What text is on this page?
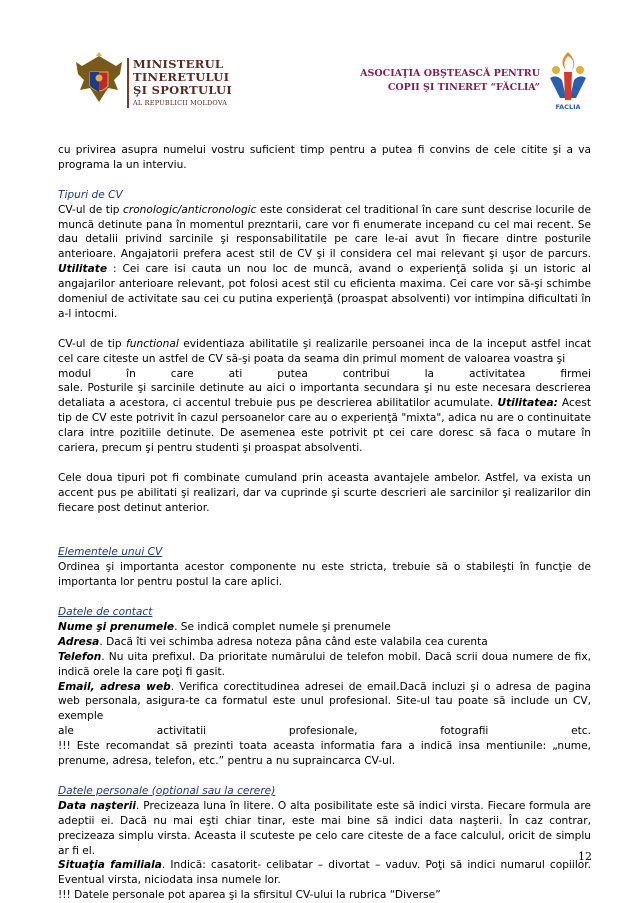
MINISTERUL
TINERETULUI
ŞI SPORTULUI
AL REPUBLICII MOLDOVA
ASOCIAŢIA OBŞTEASCĂ PENTRU
COPII ŞI TINERET “FĂCLIA”
FACLIA

cu privirea asupra numelui vostru suficient timp pentru a putea fi convins de cele citite şi a va programa la un interviu.

Tipuri de CV

CV-ul de tip cronologic/anticronologic este considerat cel traditional în care sunt descrise locurile de muncă detinute pana în momentul prezntarii, care vor fi enumerate incepand cu cel mai recent. Se dau detalii privind sarcinile şi responsabilitatile pe care le-ai avut în fiecare dintre posturile anterioare. Angajatorii prefera acest stil de CV şi il considera cel mai relevant şi uşor de parcurs. Utilitate : Cei care isi cauta un nou loc de muncă, avand o experienţă solida şi un istoric al angajarilor anterioare relevant, pot folosi acest stil cu eficienta maxima. Cei care vor să-şi schimbe domeniul de activitate sau cei cu putina experienţă (proaspat absolventi) vor intimpina dificultati în a-l intocmi.

CV-ul de tip functional evidentiaza abilitatile şi realizarile persoanei inca de la inceput astfel incat cel care citeste un astfel de CV să-şi poata da seama din primul moment de valoarea voastra şi

modul în care ati putea contribui la activitatea firmei

sale. Posturile şi sarcinile detinute au aici o importanta secundara şi nu este necesara descrierea detaliata a acestora, ci accentul trebuie pus pe descrierea abilitatilor acumulate. Utilitatea: Acest tip de CV este potrivit în cazul persoanelor care au o experienţă "mixta", adica nu are o continuitate clara intre pozitiile detinute. De asemenea este potrivit pt cei care doresc să faca o mutare în cariera, precum şi pentru studenti şi proaspat absolventi.

Cele doua tipuri pot fi combinate cumuland prin aceasta avantajele ambelor. Astfel, va exista un accent pus pe abilitati şi realizari, dar va cuprinde şi scurte descrieri ale sarcinilor şi realizarilor din fiecare post detinut anterior.

Elementele unui CV

Ordinea şi importanta acestor componente nu este stricta, trebuie să o stabileşti în funcţie de importanta lor pentru postul la care aplici.

Datele de contact

Nume şi prenumele. Se indică complet numele şi prenumele

Adresa. Dacă îti vei schimba adresa noteza pâna când este valabila cea curenta

Telefon. Nu uita prefixul. Da prioritate numărului de telefon mobil. Dacă scrii doua numere de fix, indică orele la care poţi fi gasit.

Email, adresa web. Verifica corectitudinea adresei de email.Dacă incluzi şi o adresa de pagina web personala, asigura-te ca formatul este unul profesional. Site-ul tau poate să include un CV, exemple

ale activitatii profesionale, fotografii etc.

!!! Este recomandat să prezinti toata aceasta informatia fara a indică insa mentiunile: „nume, prenume, adresa, telefon, etc.” pentru a nu supraincarca CV-ul.

Datele personale (optional sau la cerere)

Data naşterii. Precizeaza luna în litere. O alta posibilitate este să indici virsta. Fiecare formula are adeptii ei. Dacă nu mai eşti chiar tinar, este mai bine să indici data naşterii. În caz contrar, precizeaza simplu virsta. Aceasta il scuteste pe celo care citeste de a face calculul, oricit de simplu ar fi el.

Situaţia familiala. Indică: casatorit- celibatar – divortat – vaduv. Poţi să indici numarul copiilor. Eventual virsta, niciodata insa numele lor.

!!! Datele personale pot aparea şi la sfirsitul CV-ului la rubrica “Diverse”

12
